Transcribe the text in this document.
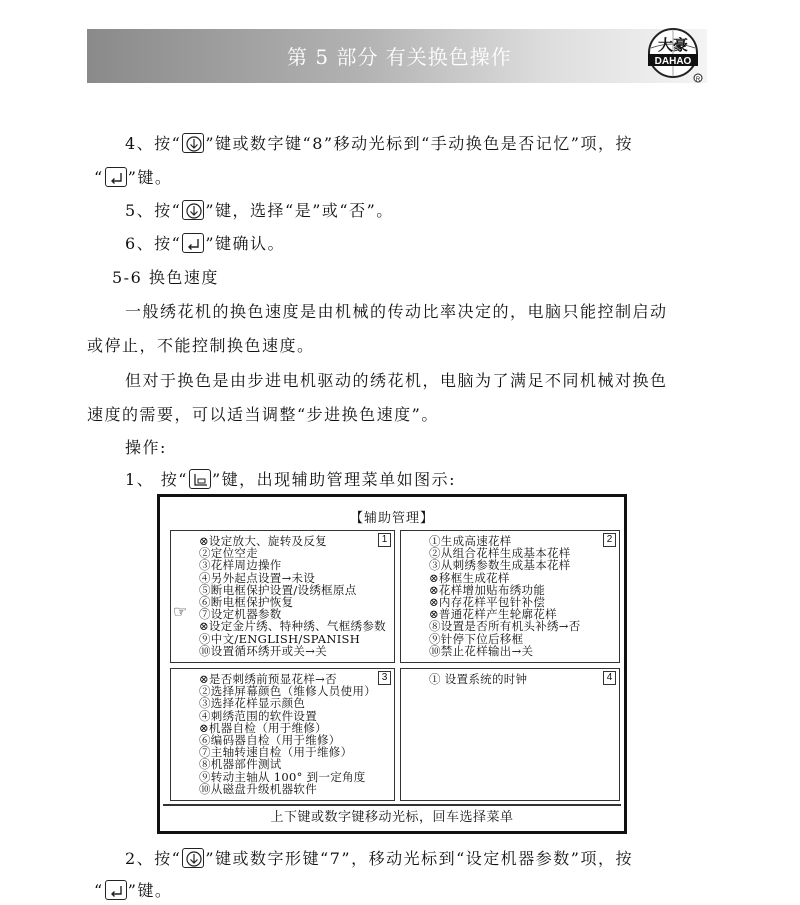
第 5 部分 有关换色操作	大豪
DAHAO
R
4、按“ ”键或数字键“8”移动光标到“手动换色是否记忆”项，按
“ ”键。
5、按“ ”键，选择“是”或“否”。
6、按“ ”键确认。
5-6 换色速度
一般绣花机的换色速度是由机械的传动比率决定的，电脑只能控制启动
或停止，不能控制换色速度。
但对于换色是由步进电机驱动的绣花机，电脑为了满足不同机械对换色
速度的需要，可以适当调整“步进换色速度”。
操作:
1、 按“ ”键，出现辅助管理菜单如图示:
【辅助管理】
1
⊗设定放大、旋转及反复
②定位空走
③花样周边操作
④另外起点设置→未设
⑤断电框保护设置/设绣框原点
⑥断电框保护恢复
⑦设定机器参数
⊗设定金片绣、特种绣、气框绣参数
⑨中文/ENGLISH/SPANISH
⑩设置循环绣开或关→关
2
①生成高速花样
②从组合花样生成基本花样
③从刺绣参数生成基本花样
⊗移框生成花样
⊗花样增加贴布绣功能
⊗内存花样平包针补偿
⊗普通花样产生轮廓花样
⑧设置是否所有机头补绣→否
⑨针停下位后移框
⑩禁止花样输出→关
3
⊗是否刺绣前预显花样→否
②选择屏幕颜色（维修人员使用）
③选择花样显示颜色
④刺绣范围的软件设置
⊗机器自检（用于维修）
⑥编码器自检（用于维修）
⑦主轴转速自检（用于维修）
⑧机器部件测试
⑨转动主轴从 100° 到一定角度
⑩从磁盘升级机器软件
4
① 设置系统的时钟
上下键或数字键移动光标，回车选择菜单
☞
2、按“ ”键或数字形键“7”，移动光标到“设定机器参数”项，按
“ ”键。
